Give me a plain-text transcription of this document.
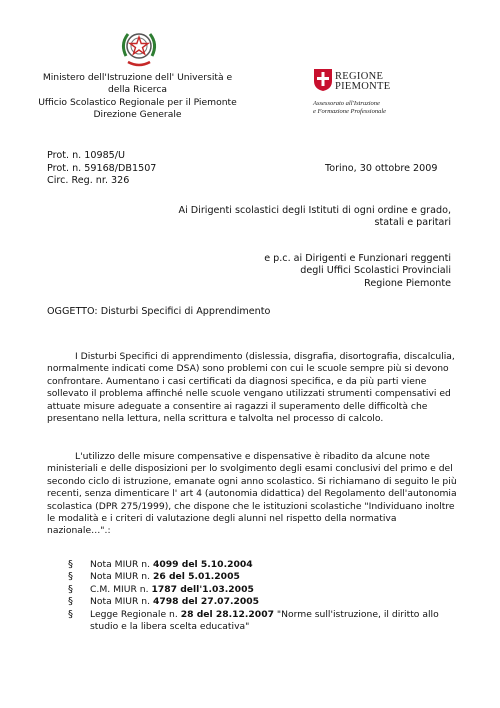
Ministero dell'Istruzione dell' Università e
della Ricerca
Ufficio Scolastico Regionale per il Piemonte
Direzione Generale
REGIONE
PIEMONTE
Assessorato all'Istruzione
e Formazione Professionale
Prot. n. 10985/U
Prot. n. 59168/DB1507
Circ. Reg. nr. 326
Torino, 30 ottobre 2009
Ai Dirigenti scolastici degli Istituti di ogni ordine e grado,
statali e paritari
e p.c. ai Dirigenti e Funzionari reggenti
degli Uffici Scolastici Provinciali
Regione Piemonte
OGGETTO: Disturbi Specifici di Apprendimento
I Disturbi Specifici di apprendimento (dislessia, disgrafia, disortografia, discalculia, normalmente indicati come DSA) sono problemi con cui le scuole sempre più si devono confrontare. Aumentano i casi certificati da diagnosi specifica, e da più parti viene sollevato il problema affinché nelle scuole vengano utilizzati strumenti compensativi ed attuate misure adeguate a consentire ai ragazzi il superamento delle difficoltà che presentano nella lettura, nella scrittura e talvolta nel processo di calcolo.
L'utilizzo delle misure compensative e dispensative è ribadito da alcune note ministeriali e delle disposizioni per lo svolgimento degli esami conclusivi del primo e del secondo ciclo di istruzione, emanate ogni anno scolastico. Si richiamano di seguito le più recenti, senza dimenticare l' art 4 (autonomia didattica) del Regolamento dell'autonomia scolastica (DPR 275/1999), che dispone che le istituzioni scolastiche "Individuano inoltre le modalità e i criteri di valutazione degli alunni nel rispetto della normativa nazionale…".:
§ Nota MIUR n. 4099 del 5.10.2004
§ Nota MIUR n. 26 del 5.01.2005
§ C.M. MIUR n. 1787 dell'1.03.2005
§ Nota MIUR n. 4798 del 27.07.2005
§ Legge Regionale n. 28 del 28.12.2007 "Norme sull'istruzione, il diritto allo studio e la libera scelta educativa"
